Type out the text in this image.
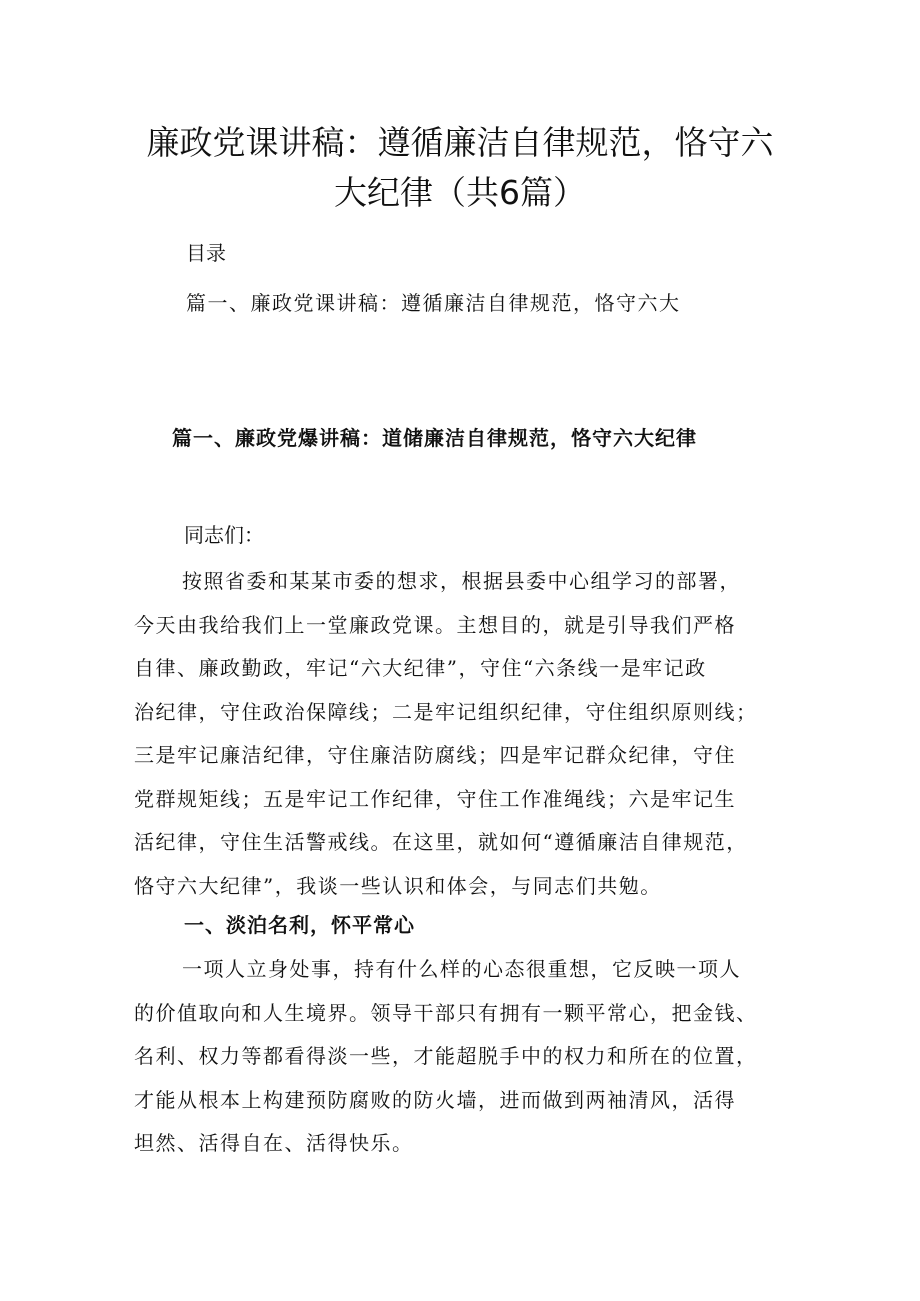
廉政党课讲稿：遵循廉洁自律规范，恪守六
大纪律（共6篇）
目录
篇一、廉政党课讲稿：遵循廉洁自律规范，恪守六大
篇一、廉政党爆讲稿：道储廉洁自律规范，恪守六大纪律
同志们：
按照省委和某某市委的想求，根据县委中心组学习的部署，
今天由我给我们上一堂廉政党课。主想目的，就是引导我们严格
自律、廉政勤政，牢记“六大纪律”，守住“六条线一是牢记政
治纪律，守住政治保障线；二是牢记组织纪律，守住组织原则线；
三是牢记廉洁纪律，守住廉洁防腐线；四是牢记群众纪律，守住
党群规矩线；五是牢记工作纪律，守住工作准绳线；六是牢记生
活纪律，守住生活警戒线。在这里，就如何“遵循廉洁自律规范，
恪守六大纪律”，我谈一些认识和体会，与同志们共勉。
一、淡泊名利，怀平常心
一项人立身处事，持有什么样的心态很重想，它反映一项人
的价值取向和人生境界。领导干部只有拥有一颗平常心，把金钱、
名利、权力等都看得淡一些，才能超脱手中的权力和所在的位置，
才能从根本上构建预防腐败的防火墙，进而做到两袖清风，活得
坦然、活得自在、活得快乐。
